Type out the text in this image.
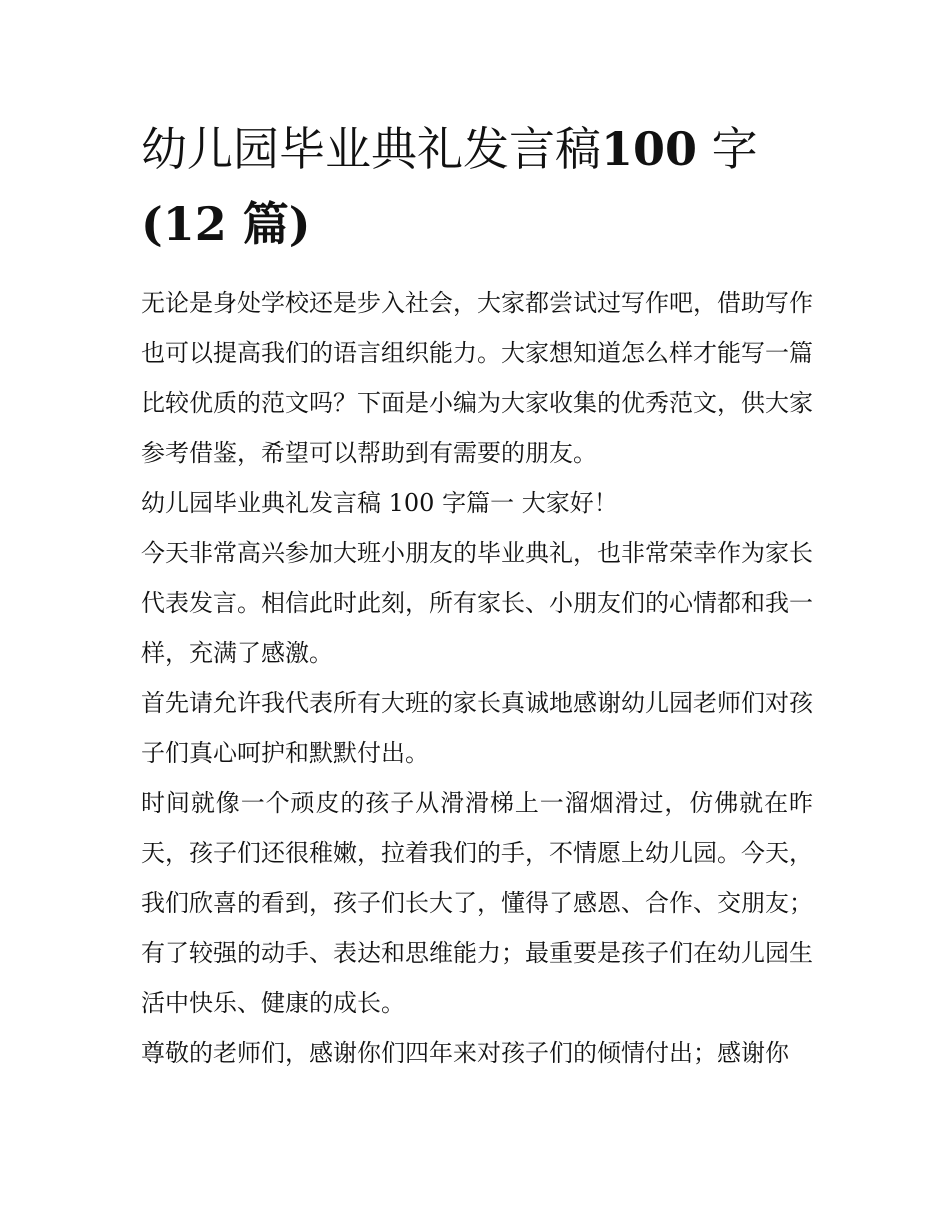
幼儿园毕业典礼发言稿100 字
(12 篇)

无论是身处学校还是步入社会，大家都尝试过写作吧，借助写作也可以提高我们的语言组织能力。大家想知道怎么样才能写一篇比较优质的范文吗？下面是小编为大家收集的优秀范文，供大家参考借鉴，希望可以帮助到有需要的朋友。

幼儿园毕业典礼发言稿 100 字篇一 大家好！

今天非常高兴参加大班小朋友的毕业典礼，也非常荣幸作为家长代表发言。相信此时此刻，所有家长、小朋友们的心情都和我一样，充满了感激。

首先请允许我代表所有大班的家长真诚地感谢幼儿园老师们对孩子们真心呵护和默默付出。

时间就像一个顽皮的孩子从滑滑梯上一溜烟滑过，仿佛就在昨天，孩子们还很稚嫩，拉着我们的手，不情愿上幼儿园。今天，我们欣喜的看到，孩子们长大了，懂得了感恩、合作、交朋友；有了较强的动手、表达和思维能力；最重要是孩子们在幼儿园生活中快乐、健康的成长。

尊敬的老师们，感谢你们四年来对孩子们的倾情付出；感谢你
